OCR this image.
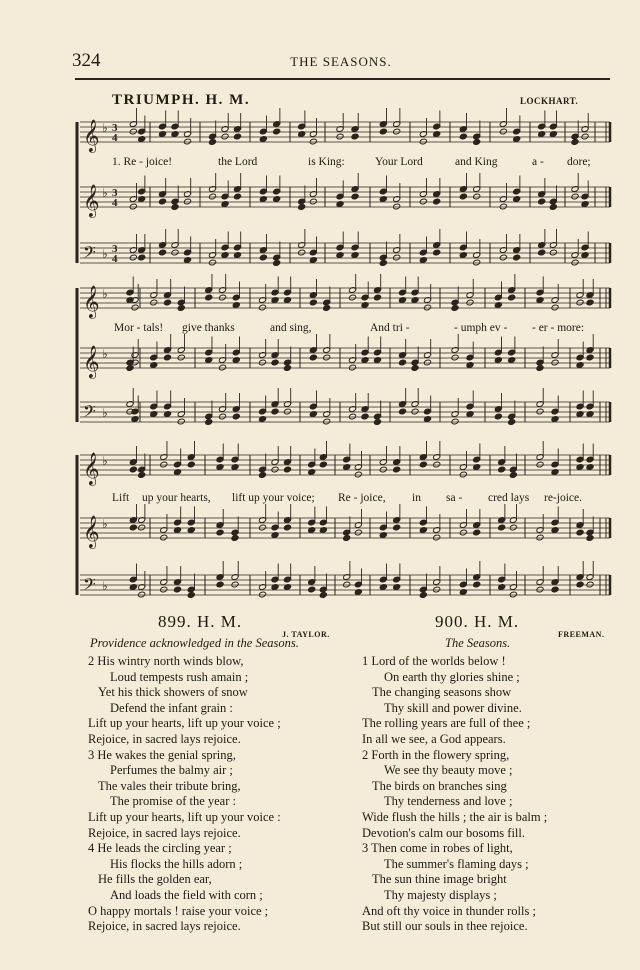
324	THE SEASONS.
TRIUMPH. H. M.	LOCKHART.
𝄞 ♭ 3
4
𝄞 ♭ 3
4
𝄢 ♭ 3
4
𝄞 ♭
𝄞 ♭
𝄢 ♭
𝄞 ♭
𝄞 ♭
𝄢 ♭
1. Re - joice!	the Lord	is King:	Your Lord	and King	a - dore;
Mor - tals! give thanks	and sing,	And tri -	- umph ev - - er - more:
Lift up your hearts, lift up your voice; Re - joice, in sa - cred lays re-joice.
899. H. M.
J. TAYLOR.
Providence acknowledged in the Seasons.
2 His wintry north winds blow,
Loud tempests rush amain ;
Yet his thick showers of snow
Defend the infant grain :
Lift up your hearts, lift up your voice ;
Rejoice, in sacred lays rejoice.
3 He wakes the genial spring,
Perfumes the balmy air ;
The vales their tribute bring,
The promise of the year :
Lift up your hearts, lift up your voice :
Rejoice, in sacred lays rejoice.
4 He leads the circling year ;
His flocks the hills adorn ;
He fills the golden ear,
And loads the field with corn ;
O happy mortals ! raise your voice ;
Rejoice, in sacred lays rejoice.
900. H. M.
FREEMAN.
The Seasons.
1 Lord of the worlds below !
On earth thy glories shine ;
The changing seasons show
Thy skill and power divine.
The rolling years are full of thee ;
In all we see, a God appears.
2 Forth in the flowery spring,
We see thy beauty move ;
The birds on branches sing
Thy tenderness and love ;
Wide flush the hills ; the air is balm ;
Devotion's calm our bosoms fill.
3 Then come in robes of light,
The summer's flaming days ;
The sun thine image bright
Thy majesty displays ;
And oft thy voice in thunder rolls ;
But still our souls in thee rejoice.
